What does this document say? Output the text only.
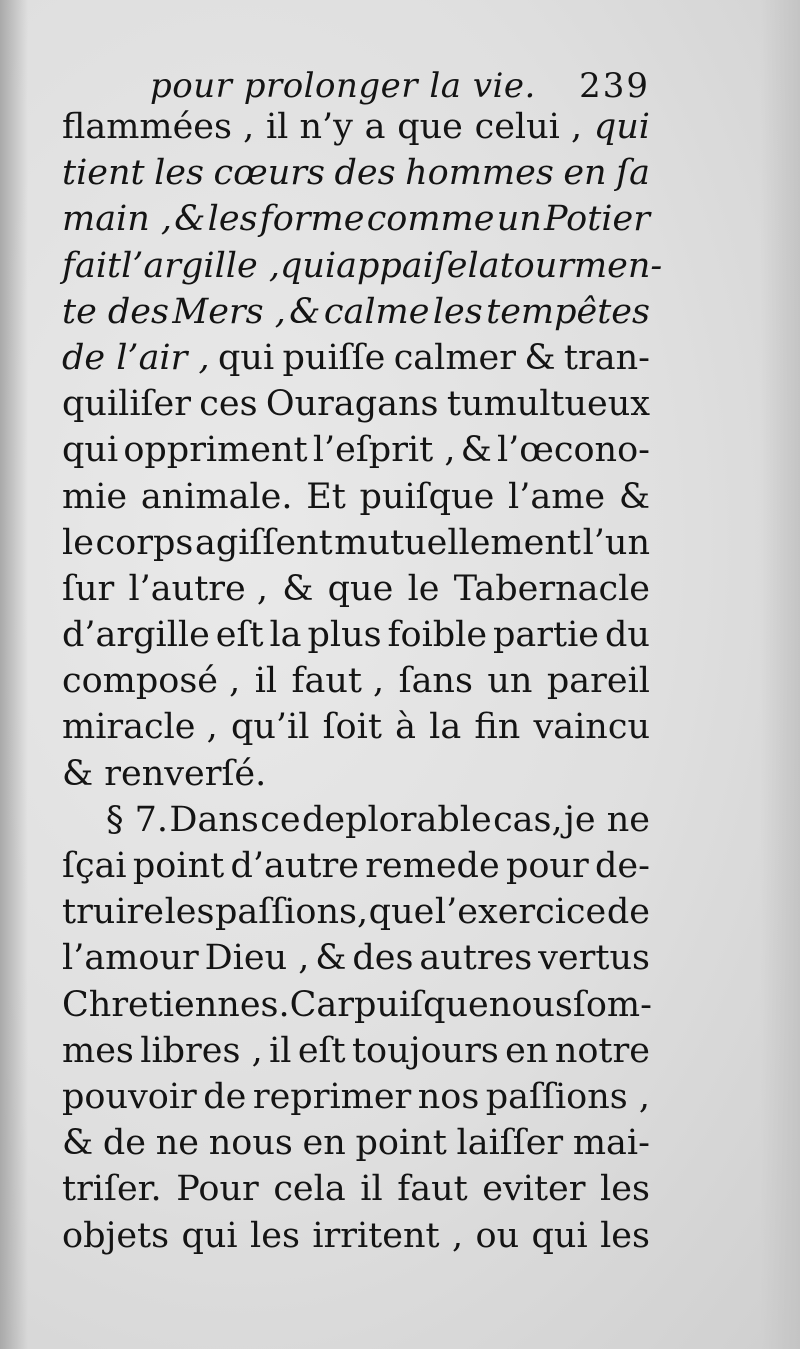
pour prolonger la vie. 239
flammées , il n’y a que celui , qui
tient les cœurs des hommes en ſa
main , & les forme comme un Potier
fait l’argille , qui appaiſe la tourmen-
te des Mers , & calme les tempêtes
de l’air , qui puiſſe calmer & tran-
quiliſer ces Ouragans tumultueux
qui oppriment l’eſprit , & l’œcono-
mie animale. Et puiſque l’ame &
le corps agiſſent mutuellement l’un
ſur l’autre , & que le Tabernacle
d’argille eſt la plus foible partie du
composé , il faut , ſans un pareil
miracle , qu’il ſoit à la fin vaincu
& renverſé.
§ 7. Dans ce deplorable cas, je ne
ſçai point d’autre remede pour de-
truire les paſſions, que l’exercice de
l’amour Dieu , & des autres vertus
Chretiennes. Car puiſque nous ſom-
mes libres , il eſt toujours en notre
pouvoir de reprimer nos paſſions ,
& de ne nous en point laiſſer mai-
triſer. Pour cela il faut eviter les
objets qui les irritent , ou qui les
